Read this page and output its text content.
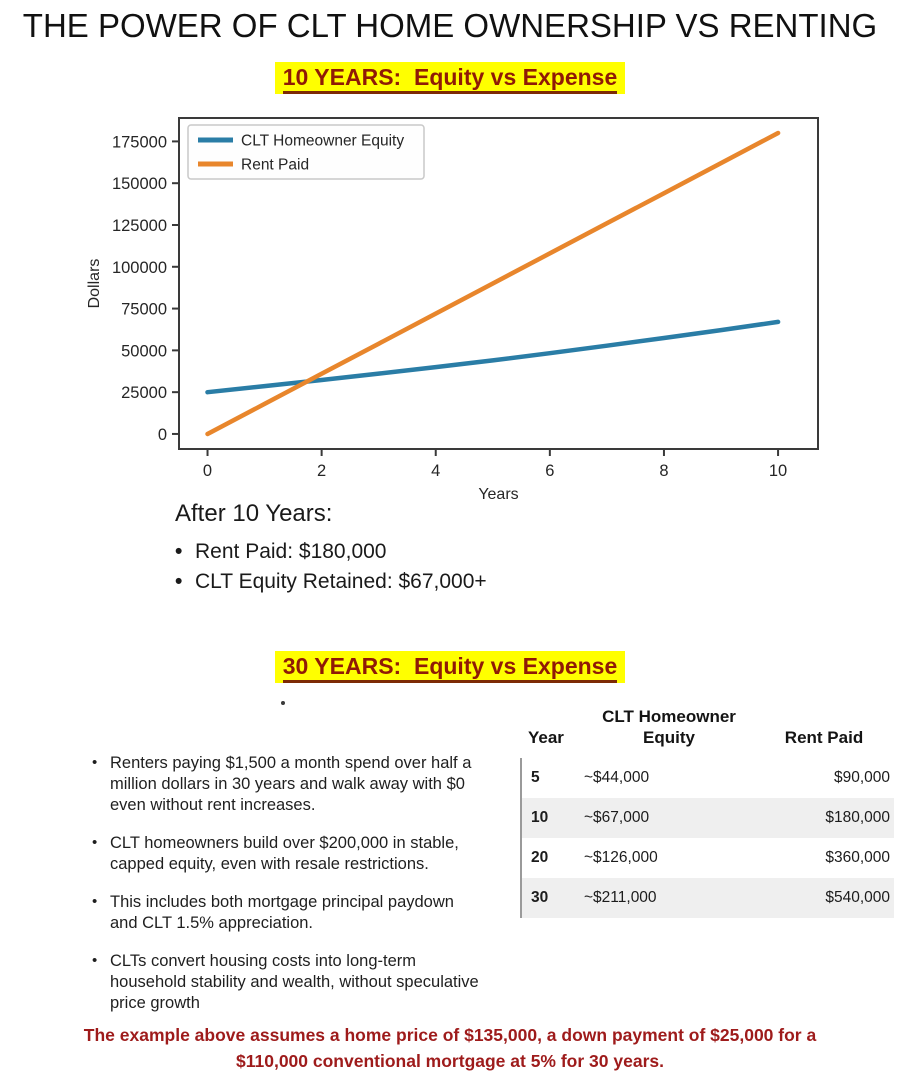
THE POWER OF CLT HOME OWNERSHIP VS RENTING
10 YEARS:  Equity vs Expense
0
25000
50000
75000
100000
125000
150000
175000
0	2	4	6	8	10
Years
Dollars
CLT Homeowner Equity
Rent Paid
After 10 Years:
• Rent Paid: $180,000
• CLT Equity Retained: $67,000+
30 YEARS:  Equity vs Expense
• Renters paying $1,500 a month spend over half a million dollars in 30 years and walk away with $0 even without rent increases.
• CLT homeowners build over $200,000 in stable, capped equity, even with resale restrictions.
• This includes both mortgage principal paydown and CLT 1.5% appreciation.
• CLTs convert housing costs into long-term household stability and wealth, without speculative price growth
Year
CLT Homeowner Equity	Rent Paid
5	~$44,000	$90,000
10	~$67,000	$180,000
20	~$126,000	$360,000
30	~$211,000	$540,000
The example above assumes a home price of $135,000, a down payment of $25,000 for a
$110,000 conventional mortgage at 5% for 30 years.
